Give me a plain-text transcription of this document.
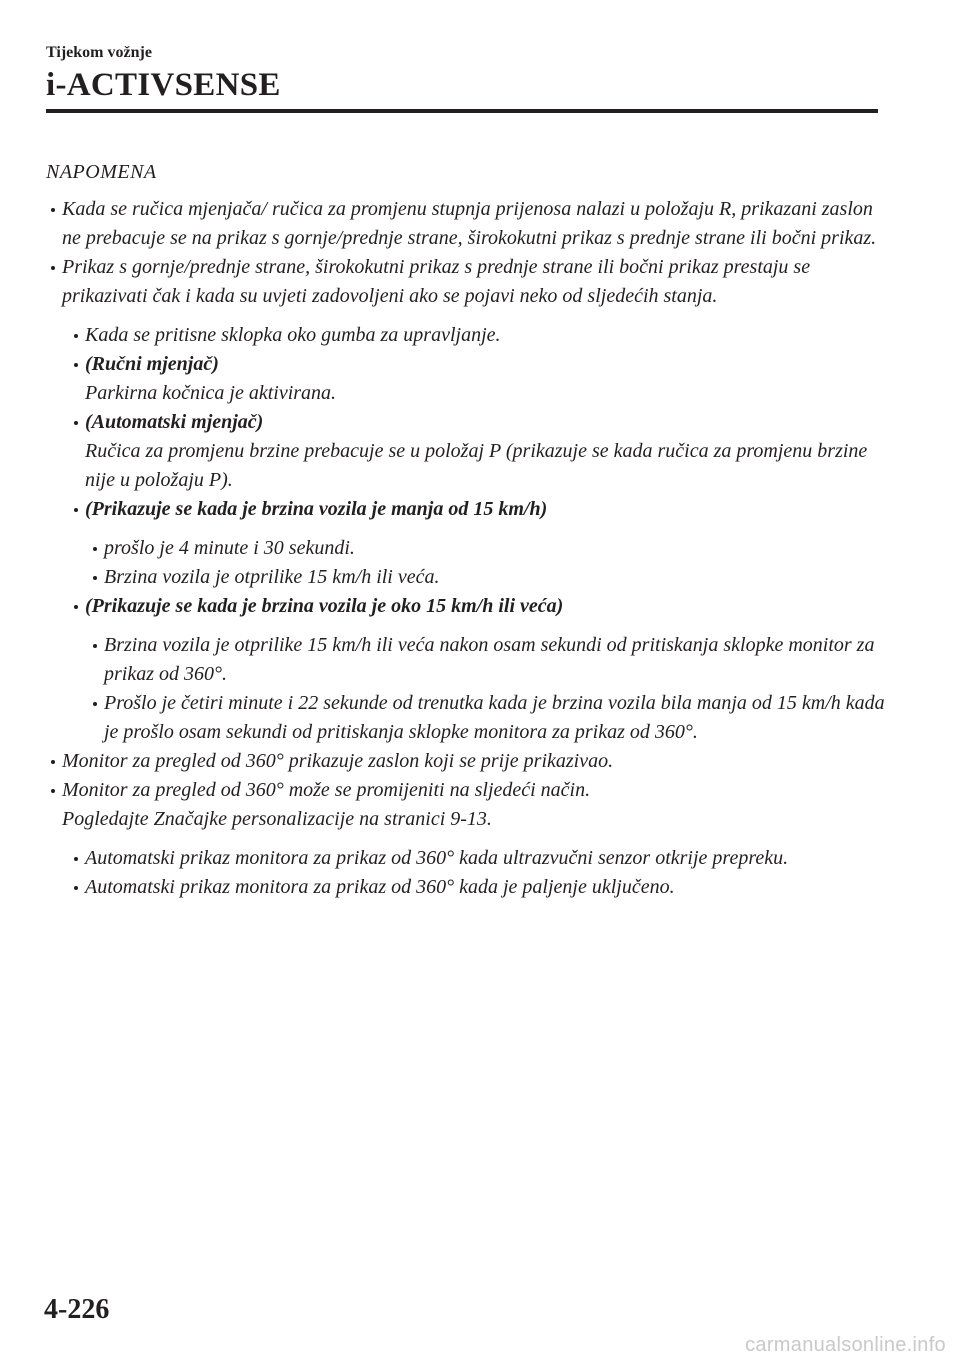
Tijekom vožnje
i-ACTIVSENSE
NAPOMENA
Kada se ručica mjenjača/ ručica za promjenu stupnja prijenosa nalazi u položaju R, prikazani zaslon ne prebacuje se na prikaz s gornje/prednje strane, širokokutni prikaz s prednje strane ili bočni prikaz.
Prikaz s gornje/prednje strane, širokokutni prikaz s prednje strane ili bočni prikaz prestaju se prikazivati čak i kada su uvjeti zadovoljeni ako se pojavi neko od sljedećih stanja.
Kada se pritisne sklopka oko gumba za upravljanje.
(Ručni mjenjač)
Parkirna kočnica je aktivirana.
(Automatski mjenjač)
Ručica za promjenu brzine prebacuje se u položaj P (prikazuje se kada ručica za promjenu brzine nije u položaju P).
(Prikazuje se kada je brzina vozila je manja od 15 km/h)
prošlo je 4 minute i 30 sekundi.
Brzina vozila je otprilike 15 km/h ili veća.
(Prikazuje se kada je brzina vozila je oko 15 km/h ili veća)
Brzina vozila je otprilike 15 km/h ili veća nakon osam sekundi od pritiskanja sklopke monitor za prikaz od 360°.
Prošlo je četiri minute i 22 sekunde od trenutka kada je brzina vozila bila manja od 15 km/h kada je prošlo osam sekundi od pritiskanja sklopke monitora za prikaz od 360°.
Monitor za pregled od 360° prikazuje zaslon koji se prije prikazivao.
Monitor za pregled od 360° može se promijeniti na sljedeći način.
Pogledajte Značajke personalizacije na stranici 9-13.
Automatski prikaz monitora za prikaz od 360° kada ultrazvučni senzor otkrije prepreku.
Automatski prikaz monitora za prikaz od 360° kada je paljenje uključeno.
4-226
carmanualsonline.info
